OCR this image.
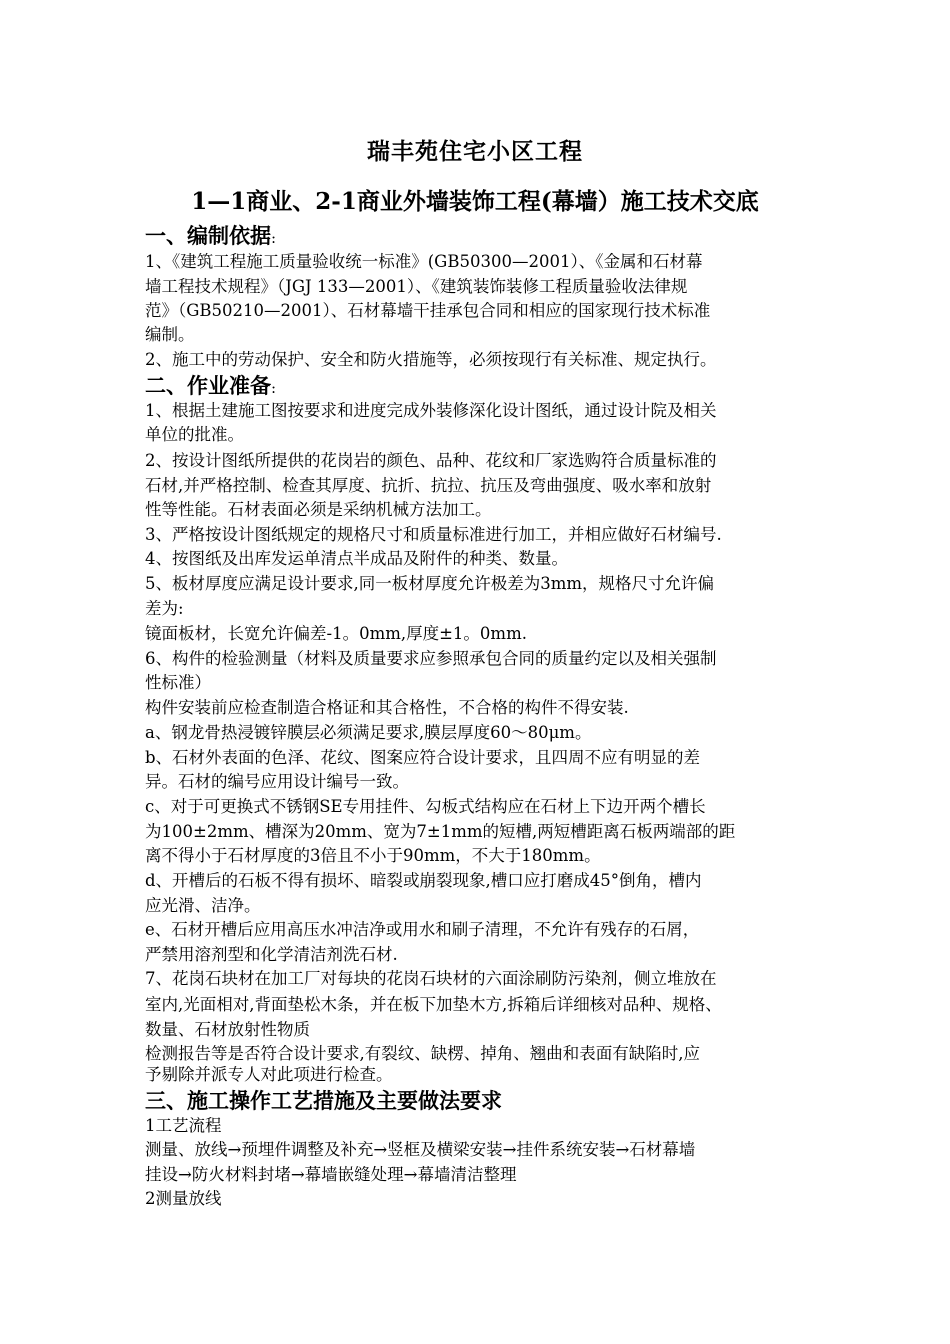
瑞丰苑住宅小区工程
1—1商业、2-1商业外墙装饰工程(幕墙）施工技术交底
一、编制依据:
1、《建筑工程施工质量验收统一标准》(GB50300—2001）、《金属和石材幕
墙工程技术规程》（JGJ 133—2001）、《建筑装饰装修工程质量验收法律规
范》（GB50210—2001）、石材幕墙干挂承包合同和相应的国家现行技术标准
编制。
2、施工中的劳动保护、安全和防火措施等，必须按现行有关标准、规定执行。
二、作业准备:
1、根据土建施工图按要求和进度完成外装修深化设计图纸，通过设计院及相关
单位的批准。
2、按设计图纸所提供的花岗岩的颜色、品种、花纹和厂家选购符合质量标准的
石材,并严格控制、检查其厚度、抗折、抗拉、抗压及弯曲强度、吸水率和放射
性等性能。石材表面必须是采纳机械方法加工。
3、严格按设计图纸规定的规格尺寸和质量标准进行加工，并相应做好石材编号.
4、按图纸及出库发运单清点半成品及附件的种类、数量。
5、板材厚度应满足设计要求,同一板材厚度允许极差为3mm，规格尺寸允许偏
差为:
镜面板材，长宽允许偏差-1。0mm,厚度±1。0mm.
6、构件的检验测量（材料及质量要求应参照承包合同的质量约定以及相关强制
性标准）
构件安装前应检查制造合格证和其合格性，不合格的构件不得安装.
a、钢龙骨热浸镀锌膜层必须满足要求,膜层厚度60～80μm。
b、石材外表面的色泽、花纹、图案应符合设计要求，且四周不应有明显的差
异。石材的编号应用设计编号一致。
c、对于可更换式不锈钢SE专用挂件、勾板式结构应在石材上下边开两个槽长
为100±2mm、槽深为20mm、宽为7±1mm的短槽,两短槽距离石板两端部的距
离不得小于石材厚度的3倍且不小于90mm，不大于180mm。
d、开槽后的石板不得有损坏、暗裂或崩裂现象,槽口应打磨成45°倒角，槽内
应光滑、洁净。
e、石材开槽后应用高压水冲洁净或用水和刷子清理，不允许有残存的石屑，
严禁用溶剂型和化学清洁剂洗石材.
7、花岗石块材在加工厂对每块的花岗石块材的六面涂刷防污染剂，侧立堆放在
室内,光面相对,背面垫松木条，并在板下加垫木方,拆箱后详细核对品种、规格、
数量、石材放射性物质
检测报告等是否符合设计要求,有裂纹、缺楞、掉角、翘曲和表面有缺陷时,应
予剔除并派专人对此项进行检查。
三、施工操作工艺措施及主要做法要求
1工艺流程
测量、放线→预埋件调整及补充→竖框及横梁安装→挂件系统安装→石材幕墙
挂设→防火材料封堵→幕墙嵌缝处理→幕墙清洁整理
2测量放线
